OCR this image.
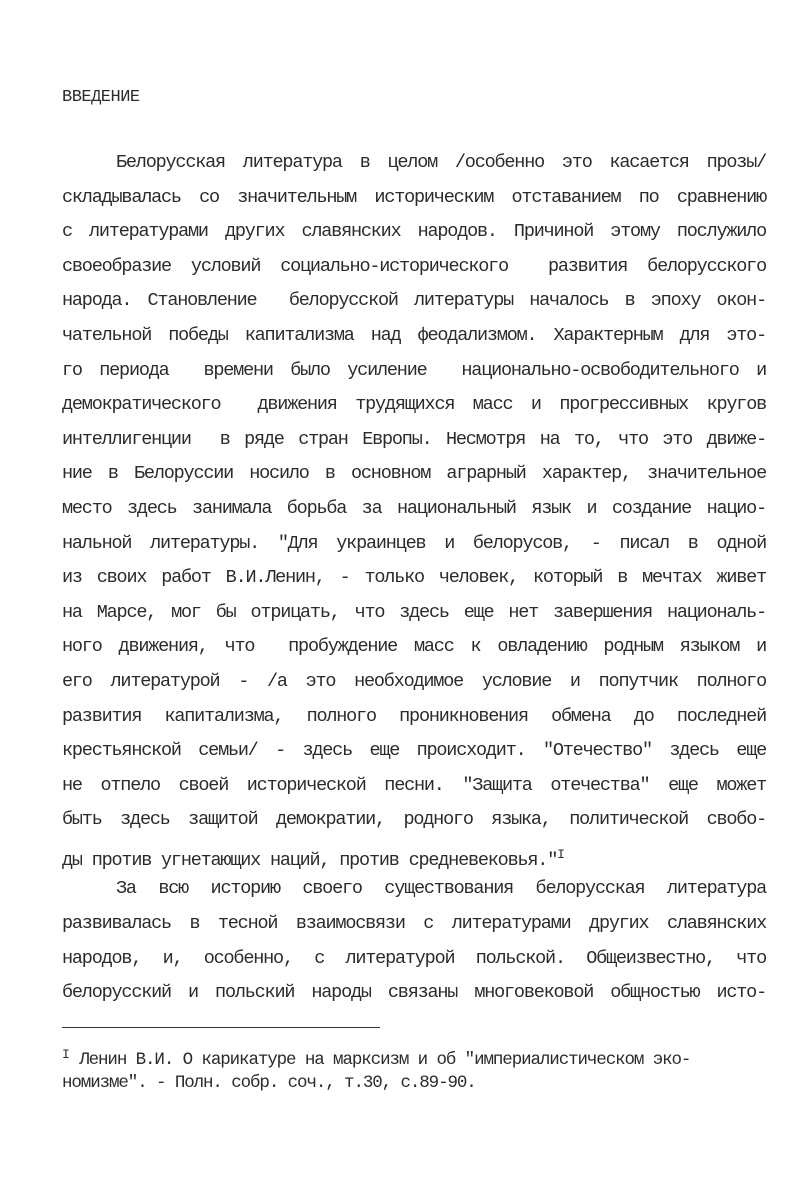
ВВЕДЕНИЕ
Белорусская литература в целом /особенно это касается прозы/
складывалась со значительным историческим отставанием по сравнению
с литературами других славянских народов. Причиной этому послужило
своеобразие условий социально-исторического  развития белорусского
народа. Становление  белорусской литературы началось в эпоху окон-
чательной победы капитализма над феодализмом. Характерным для это-
го периода  времени было усиление  национально-освободительного и
демократического  движения трудящихся масс и прогрессивных кругов
интеллигенции  в ряде стран Европы. Несмотря на то, что это движе-
ние в Белоруссии носило в основном аграрный характер, значительное
место здесь занимала борьба за национальный язык и создание нацио-
нальной литературы. "Для украинцев и белорусов, - писал в одной
из своих работ В.И.Ленин, - только человек, который в мечтах живет
на Марсе, мог бы отрицать, что здесь еще нет завершения националь-
ного движения, что  пробуждение масс к овладению родным языком и
его литературой - /а это необходимое условие и попутчик полного
развития капитализма, полного проникновения обмена до последней
крестьянской семьи/ - здесь еще происходит. "Отечество" здесь еще
не отпело своей исторической песни. "Защита отечества" еще может
быть здесь защитой демократии, родного языка, политической свобо-
ды против угнетающих наций, против средневековья."$^I$
За всю историю своего существования белорусская литература
развивалась в тесной взаимосвязи с литературами других славянских
народов, и, особенно, с литературой польской. Общеизвестно, что
белорусский и польский народы связаны многовековой общностью исто-
$^I$ Ленин В.И. О карикатуре на марксизм и об "империалистическом эко-
номизме". - Полн. собр. соч., т.30, с.89-90.
